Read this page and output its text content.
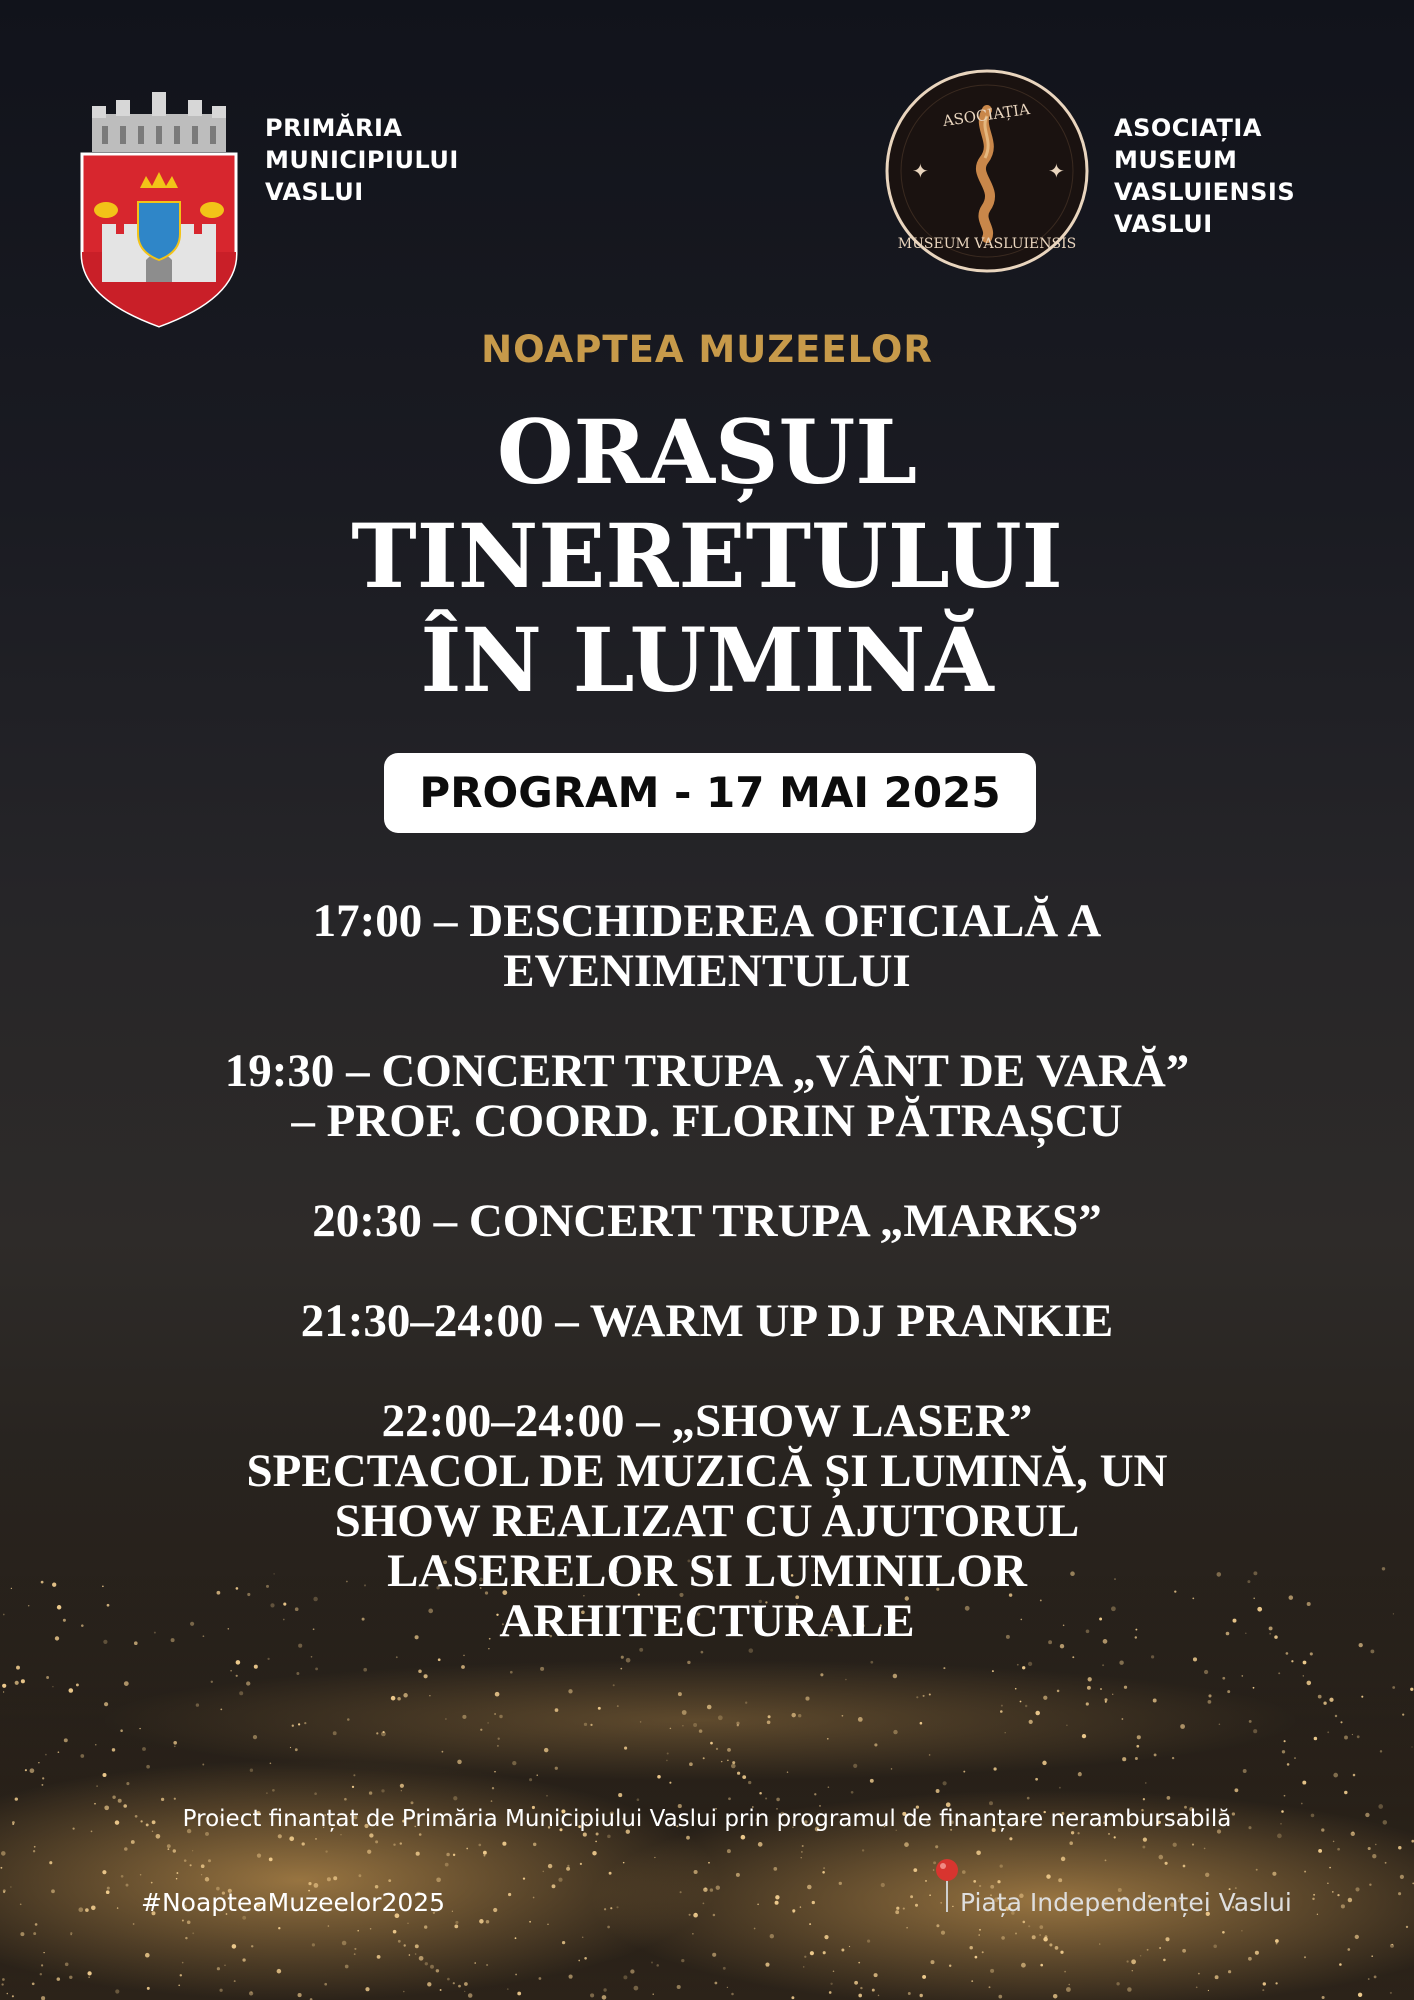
PRIMĂRIA
MUNICIPIULUI
VASLUI
✦	✦
ASOCIAȚIA
MUSEUM VASLUIENSIS
ASOCIAȚIA
MUSEUM
VASLUIENSIS
VASLUI
NOAPTEA MUZEELOR
ORAȘUL
TINERETULUI
ÎN LUMINĂ
PROGRAM - 17 MAI 2025
17:00 – DESCHIDEREA OFICIALĂ A
EVENIMENTULUI
19:30 – CONCERT TRUPA „VÂNT DE VARĂ”
– PROF. COORD. FLORIN PĂTRAȘCU
20:30 – CONCERT TRUPA „MARKS”
21:30–24:00 – WARM UP DJ PRANKIE
22:00–24:00 – „SHOW LASER”
SPECTACOL DE MUZICĂ ȘI LUMINĂ, UN
SHOW REALIZAT CU AJUTORUL
LASERELOR SI LUMINILOR
ARHITECTURALE
Proiect finanțat de Primăria Municipiului Vaslui prin programul de finanțare nerambursabilă
#NoapteaMuzeelor2025	Piața Independenței Vaslui
